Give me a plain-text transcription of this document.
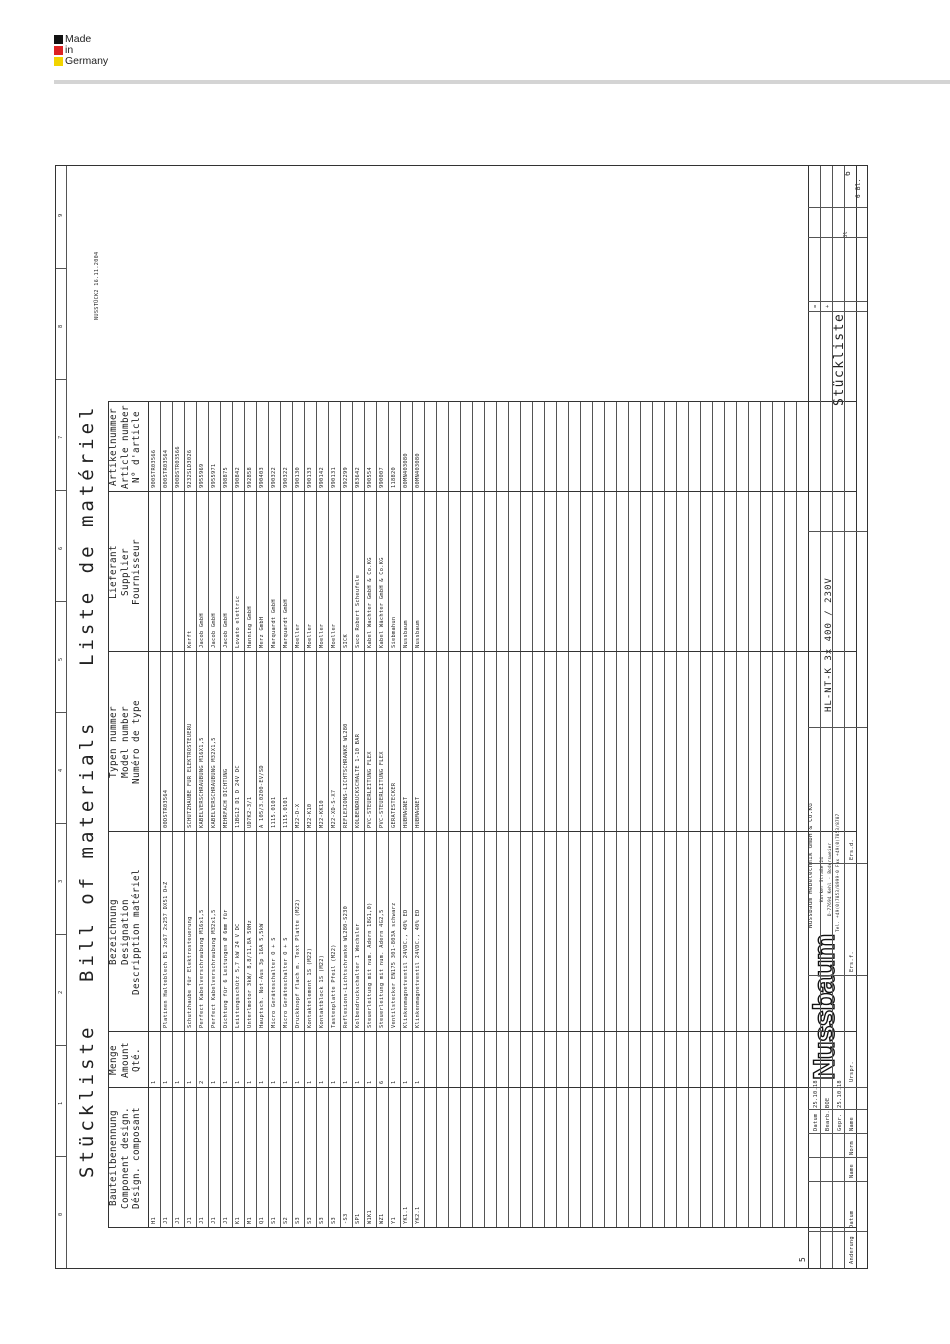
Made
in
Germany
Stückliste
Bill of materials
Liste de matériel
NUSSTÜCK2 16.11.2004
Bauteilbenennung Component design. Désign. composant
Menge Amount Qté.
Bezeichnung Designation Descripption matériel
Typen nummer Model number Numéro de type
Lieferant Supplier Fournisseur
Artikelnummer Article number N° d'article
Datum
25.10.18
Bearb.
BOE
Gepr.
25.10.18
Norm
Name
Änderung
Datum
Name
Urspr.
Ers.f.
Ers.d.
Nussbaum
Nussbaum Hebetechnik GmbH & Co.KG Korker Straße 24 D-77694 Kehl - Bodersweier Tel. +49(0)7853/8999-0 Fax +49(0)7853/8787
HL-NT-K 3x 400 / 230V
Stückliste
= +
Bl
6
6 Bl.
5
0
1
2
3
4
5
6
7
8
9
H1
1
900STR03566
J1
1
Platinen Halteblech B1 2x67 2x257 DX51 D+Z
00DSTR03564
000STR03564
J1
1
900DSTR03566
J1
1
Schutzhaube für Elektrosteuerung
SCHUTZHAUBE FÜR ELEKTROSTEUERU
Kerft
9232SLD3026
J1
2
Perfect Kabelverschraubung M16x1,5
KABELVERSCHRAUBUNG M16X1,5
Jacob GmbH
9955969
J1
1
Perfect Kabelverschraubung M32x1,5
KABELVERSCHRAUBUNG M32X1,5
Jacob GmbH
9955971
J1
1
Dichtung für 6 Leitungen Ø 6mm für
MEHRFACH DICHTUNG
Jacob GmbH
998875
K1
1
Leistungsschütz 5,7 kW 24 V DC
11BG12 D1 D 24V DC
Lovato elettric
990842
M1
1
Unterlmotor 3kW/ 8,8/11,8A 50Hz
UD7K2-3/1
Hanning GmbH
992858
Q1
1
Hauptsch. Not-Aus 3p 16A 5,5kW
A 105/3.0200-EV/SD
Merz GmbH
990403
S1
1
Micro Geräteschalter Ö + S
1115.0101
Marquardt GmbH
990322
S2
1
Micro Geräteschalter Ö + S
1115.0101
Marquardt GmbH
990322
S3
1
Druckknopf flach m. Text Platte (M22)
M22-D-X
Moeller
990130
S3
1
Kontaktelement 1S (M22)
M22-K10
Moeller
990133
S3
1
Kontaktblock 1S (M22)
M22-KK10
Moeller
990142
S3
1
Tastenplatte Pfeil (M22)
M22-XD-S-X7
Moeller
990131
-S3
1
Reflexions-Lichtschranke WL280-S230
REFLEXIONS-LICHTSCHRANKE WL280
SICK
992299
SP1
1
Kolbendruckschalter 1 Wechsler
KOLBENDRUCKSCHALTE 1-10 BAR
Suco Robert Scheufele
983642
W1K1
1
Steuerleitung mit num. Adern 18G1,0)
PVC-STEUERLEITUNG FLEX
Kabel Wachter GmbH & Co.KG
990554
WZ1
6
Steuerleitung mit num. Adern 4G2,5
PVC-STEUERLEITUNG FLEX
Kabel Wächter GmbH & Co.KG
990007
Y1
1
Ventilstecker EN175 301-803A schwarz
GERÄTESTECKER
Siebmahun
118820
YK1.1
1
Klinkenmagnetventil 24VDC., 40% ED
HUBMAGNET
Nussbaum
00MN403080
YK2.1
1
Klinkenmagnetventil 24VDC., 40% ED
HUBMAGNET
Nussbaum
00MN403080
